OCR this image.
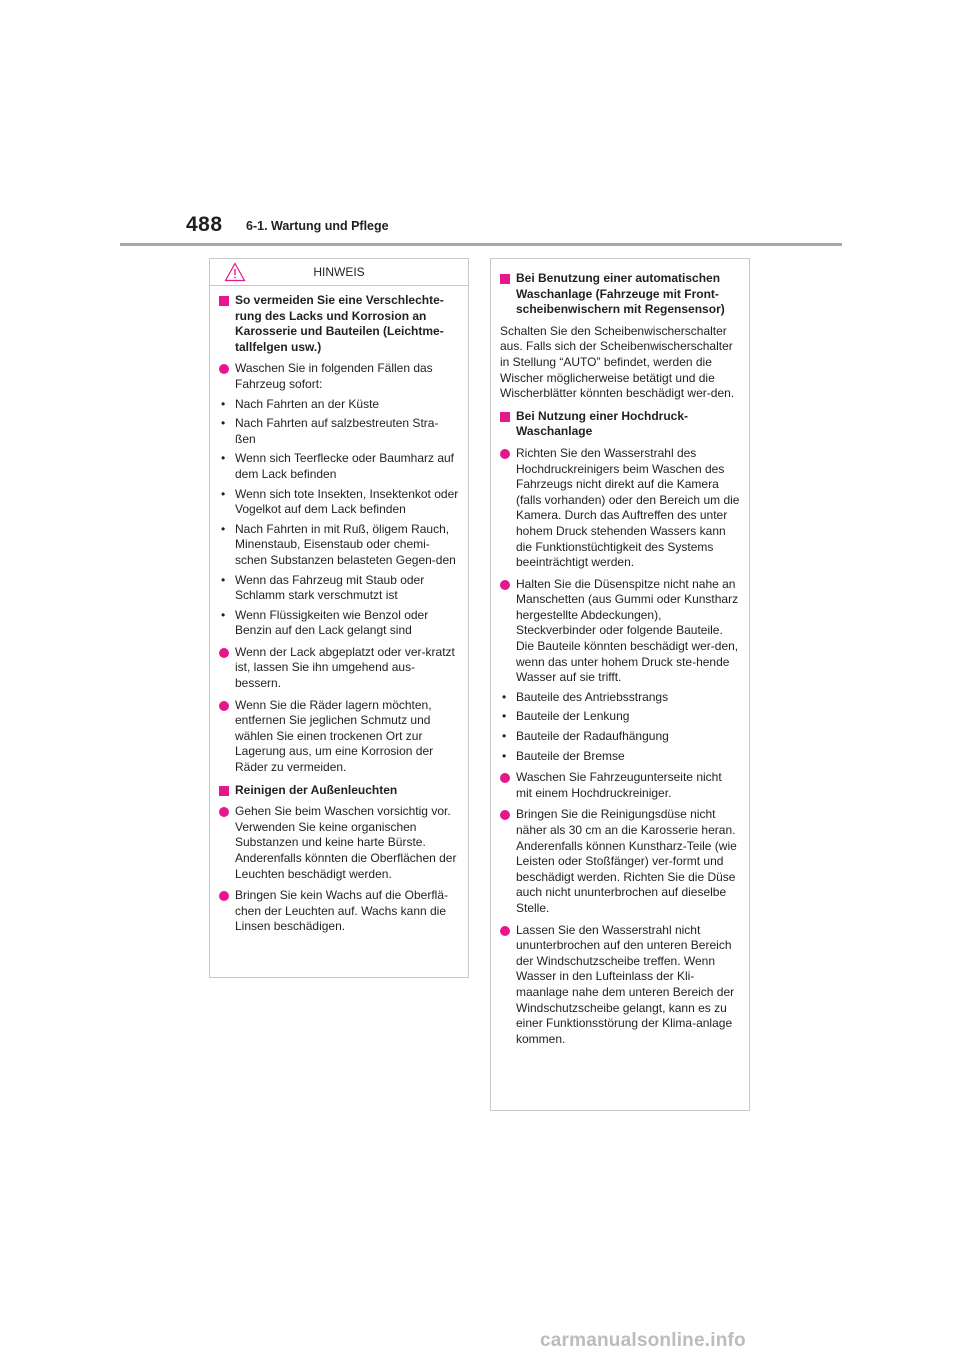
488 6-1. Wartung und Pflege
HINWEIS
So vermeiden Sie eine Verschlechte-rung des Lacks und Korrosion an Karosserie und Bauteilen (Leichtme-tallfelgen usw.)
Waschen Sie in folgenden Fällen das Fahrzeug sofort:
• Nach Fahrten an der Küste
• Nach Fahrten auf salzbestreuten Stra-ßen
• Wenn sich Teerflecke oder Baumharz auf dem Lack befinden
• Wenn sich tote Insekten, Insektenkot oder Vogelkot auf dem Lack befinden
• Nach Fahrten in mit Ruß, öligem Rauch, Minenstaub, Eisenstaub oder chemi-schen Substanzen belasteten Gegen-den
• Wenn das Fahrzeug mit Staub oder Schlamm stark verschmutzt ist
• Wenn Flüssigkeiten wie Benzol oder Benzin auf den Lack gelangt sind
Wenn der Lack abgeplatzt oder ver-kratzt ist, lassen Sie ihn umgehend aus-bessern.
Wenn Sie die Räder lagern möchten, entfernen Sie jeglichen Schmutz und wählen Sie einen trockenen Ort zur Lagerung aus, um eine Korrosion der Räder zu vermeiden.
Reinigen der Außenleuchten
Gehen Sie beim Waschen vorsichtig vor. Verwenden Sie keine organischen Substanzen und keine harte Bürste. Anderenfalls könnten die Oberflächen der Leuchten beschädigt werden.
Bringen Sie kein Wachs auf die Oberflä-chen der Leuchten auf. Wachs kann die Linsen beschädigen.
Bei Benutzung einer automatischen Waschanlage (Fahrzeuge mit Front-scheibenwischern mit Regensensor)
Schalten Sie den Scheibenwischerschalter aus. Falls sich der Scheibenwischerschalter in Stellung “AUTO” befindet, werden die Wischer möglicherweise betätigt und die Wischerblätter könnten beschädigt wer-den.
Bei Nutzung einer Hochdruck-Waschanlage
Richten Sie den Wasserstrahl des Hochdruckreinigers beim Waschen des Fahrzeugs nicht direkt auf die Kamera (falls vorhanden) oder den Bereich um die Kamera. Durch das Auftreffen des unter hohem Druck stehenden Wassers kann die Funktionstüchtigkeit des Systems beeinträchtigt werden.
Halten Sie die Düsenspitze nicht nahe an Manschetten (aus Gummi oder Kunstharz hergestellte Abdeckungen), Steckverbinder oder folgende Bauteile. Die Bauteile könnten beschädigt wer-den, wenn das unter hohem Druck ste-hende Wasser auf sie trifft.
• Bauteile des Antriebsstrangs
• Bauteile der Lenkung
• Bauteile der Radaufhängung
• Bauteile der Bremse
Waschen Sie Fahrzeugunterseite nicht mit einem Hochdruckreiniger.
Bringen Sie die Reinigungsdüse nicht näher als 30 cm an die Karosserie heran. Anderenfalls können Kunstharz-Teile (wie Leisten oder Stoßfänger) ver-formt und beschädigt werden. Richten Sie die Düse auch nicht ununterbrochen auf dieselbe Stelle.
Lassen Sie den Wasserstrahl nicht ununterbrochen auf den unteren Bereich der Windschutzscheibe treffen. Wenn Wasser in den Lufteinlass der Kli-maanlage nahe dem unteren Bereich der Windschutzscheibe gelangt, kann es zu einer Funktionsstörung der Klima-anlage kommen.
carmanualsonline.info
